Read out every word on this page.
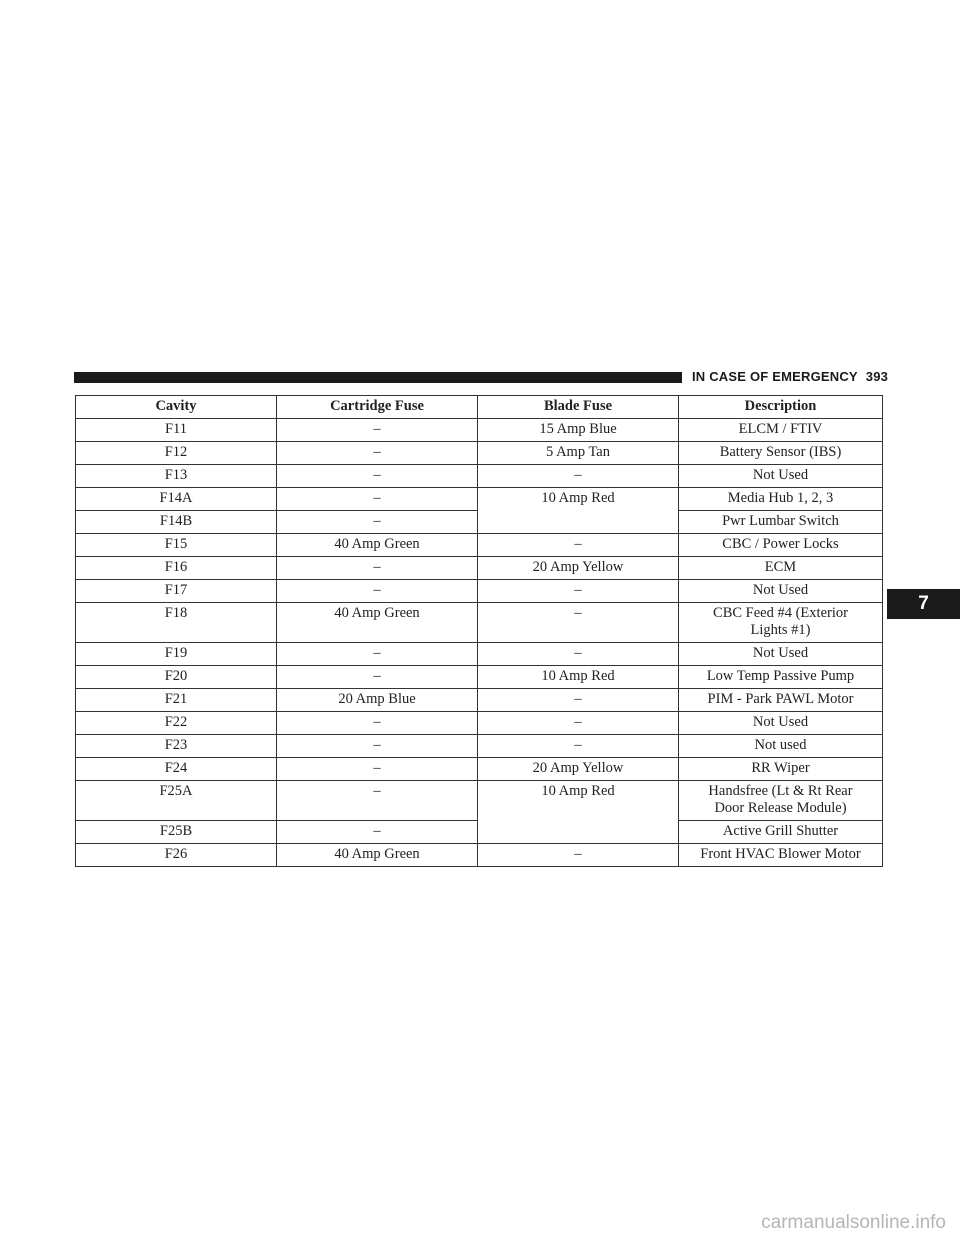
IN CASE OF EMERGENCY 393
7
Cavity	Cartridge Fuse	Blade Fuse	Description
F11	–	15 Amp Blue	ELCM / FTIV
F12	–	5 Amp Tan	Battery Sensor (IBS)
F13	–	–	Not Used
F14A	–	10 Amp Red	Media Hub 1, 2, 3
F14B	–		Pwr Lumbar Switch
F15	40 Amp Green	–	CBC / Power Locks
F16	–	20 Amp Yellow	ECM
F17	–	–	Not Used
F18	40 Amp Green	–	CBC Feed #4 (Exterior
Lights #1)
F19	–	–	Not Used
F20	–	10 Amp Red	Low Temp Passive Pump
F21	20 Amp Blue	–	PIM - Park PAWL Motor
F22	–	–	Not Used
F23	–	–	Not used
F24	–	20 Amp Yellow	RR Wiper
F25A	–	10 Amp Red	Handsfree (Lt & Rt Rear
Door Release Module)
F25B	–		Active Grill Shutter
F26	40 Amp Green	–	Front HVAC Blower Motor
carmanualsonline.info
